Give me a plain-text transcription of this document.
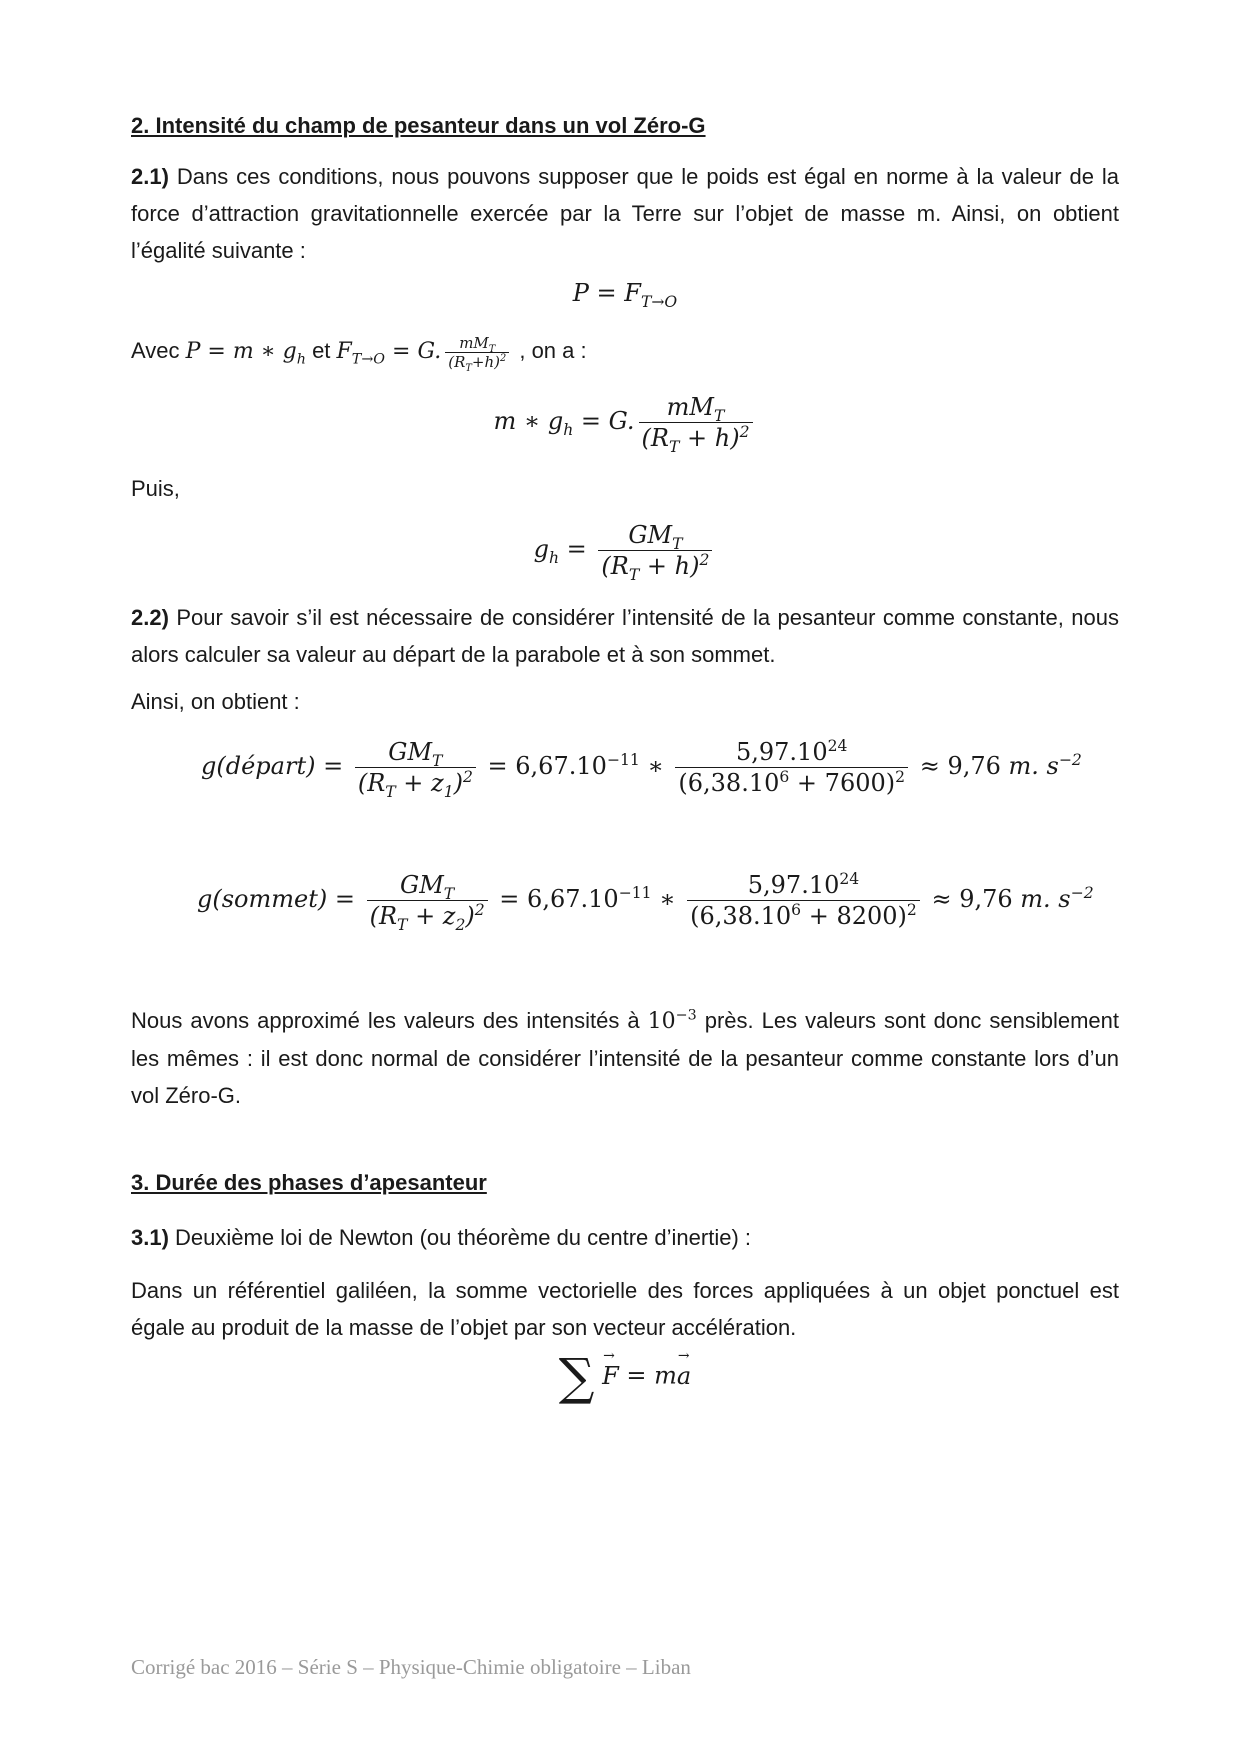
2. Intensité du champ de pesanteur dans un vol Zéro-G
2.1) Dans ces conditions, nous pouvons supposer que le poids est égal en norme à la valeur de la force d’attraction gravitationnelle exercée par la Terre sur l’objet de masse m. Ainsi, on obtient l’égalité suivante :
$P = F_{T\to O}$
Avec P = m ∗ $g_h$ et $F_{T\to O} = G$. $\frac{mM_T}{(R_T+h)^2}$ , on a :
m ∗ $g_h = G$. $\frac{mM_T}{(R_T + h)^2}$
Puis,
$g_h = \frac{GM_T}{(R_T + h)^2}$
2.2) Pour savoir s’il est nécessaire de considérer l’intensité de la pesanteur comme constante, nous alors calculer sa valeur au départ de la parabole et à son sommet.
Ainsi, on obtient :
g(départ) = $\frac{GM_T}{(R_T + z_1)^2} = 6,67.10^{-11}$ ∗ $\frac{5,97.10^{24}}{(6,38.10^6 + 7600)^2} \approx 9,76$ m. $s^{-2}$
g(sommet) = $\frac{GM_T}{(R_T + z_2)^2} = 6,67.10^{-11}$ ∗ $\frac{5,97.10^{24}}{(6,38.10^6 + 8200)^2} \approx 9,76$ m. $s^{-2}$
Nous avons approximé les valeurs des intensités à $10^{-3}$ près. Les valeurs sont donc sensiblement les mêmes : il est donc normal de considérer l’intensité de la pesanteur comme constante lors d’un vol Zéro-G.
3. Durée des phases d’apesanteur
3.1) Deuxième loi de Newton (ou théorème du centre d’inertie) :
Dans un référentiel galiléen, la somme vectorielle des forces appliquées à un objet ponctuel est égale au produit de la masse de l’objet par son vecteur accélération.
∑ → F = m→ a
Corrigé bac 2016 – Série S – Physique-Chimie obligatoire – Liban
